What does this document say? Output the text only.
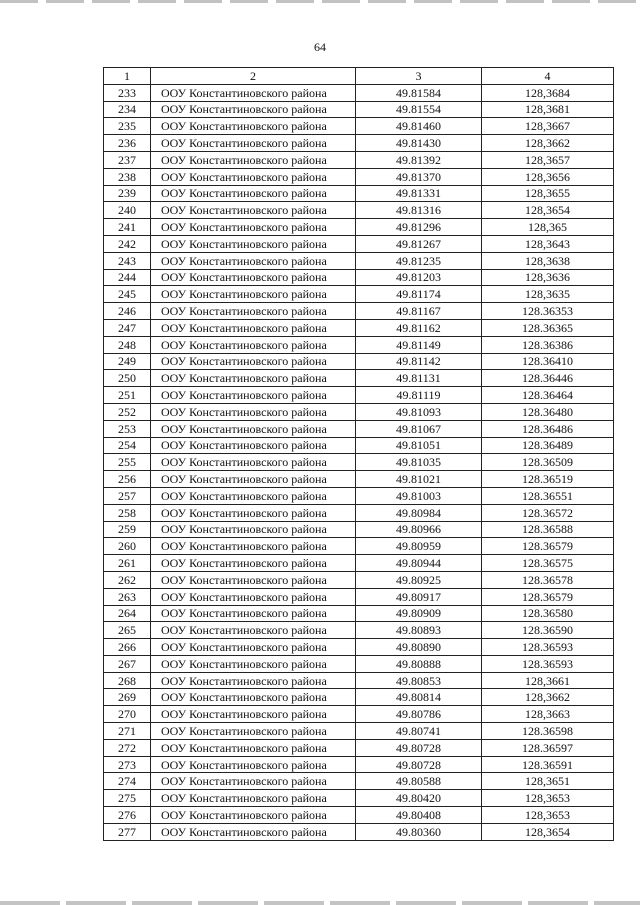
64
1	2	3	4
233	ООУ Константиновского района	49.81584	128,3684
234	ООУ Константиновского района	49.81554	128,3681
235	ООУ Константиновского района	49.81460	128,3667
236	ООУ Константиновского района	49.81430	128,3662
237	ООУ Константиновского района	49.81392	128,3657
238	ООУ Константиновского района	49.81370	128,3656
239	ООУ Константиновского района	49.81331	128,3655
240	ООУ Константиновского района	49.81316	128,3654
241	ООУ Константиновского района	49.81296	128,365
242	ООУ Константиновского района	49.81267	128,3643
243	ООУ Константиновского района	49.81235	128,3638
244	ООУ Константиновского района	49.81203	128,3636
245	ООУ Константиновского района	49.81174	128,3635
246	ООУ Константиновского района	49.81167	128.36353
247	ООУ Константиновского района	49.81162	128.36365
248	ООУ Константиновского района	49.81149	128.36386
249	ООУ Константиновского района	49.81142	128.36410
250	ООУ Константиновского района	49.81131	128.36446
251	ООУ Константиновского района	49.81119	128.36464
252	ООУ Константиновского района	49.81093	128.36480
253	ООУ Константиновского района	49.81067	128.36486
254	ООУ Константиновского района	49.81051	128.36489
255	ООУ Константиновского района	49.81035	128.36509
256	ООУ Константиновского района	49.81021	128.36519
257	ООУ Константиновского района	49.81003	128.36551
258	ООУ Константиновского района	49.80984	128.36572
259	ООУ Константиновского района	49.80966	128.36588
260	ООУ Константиновского района	49.80959	128.36579
261	ООУ Константиновского района	49.80944	128.36575
262	ООУ Константиновского района	49.80925	128.36578
263	ООУ Константиновского района	49.80917	128.36579
264	ООУ Константиновского района	49.80909	128.36580
265	ООУ Константиновского района	49.80893	128.36590
266	ООУ Константиновского района	49.80890	128.36593
267	ООУ Константиновского района	49.80888	128.36593
268	ООУ Константиновского района	49.80853	128,3661
269	ООУ Константиновского района	49.80814	128,3662
270	ООУ Константиновского района	49.80786	128,3663
271	ООУ Константиновского района	49.80741	128.36598
272	ООУ Константиновского района	49.80728	128.36597
273	ООУ Константиновского района	49.80728	128.36591
274	ООУ Константиновского района	49.80588	128,3651
275	ООУ Константиновского района	49.80420	128,3653
276	ООУ Константиновского района	49.80408	128,3653
277	ООУ Константиновского района	49.80360	128,3654
